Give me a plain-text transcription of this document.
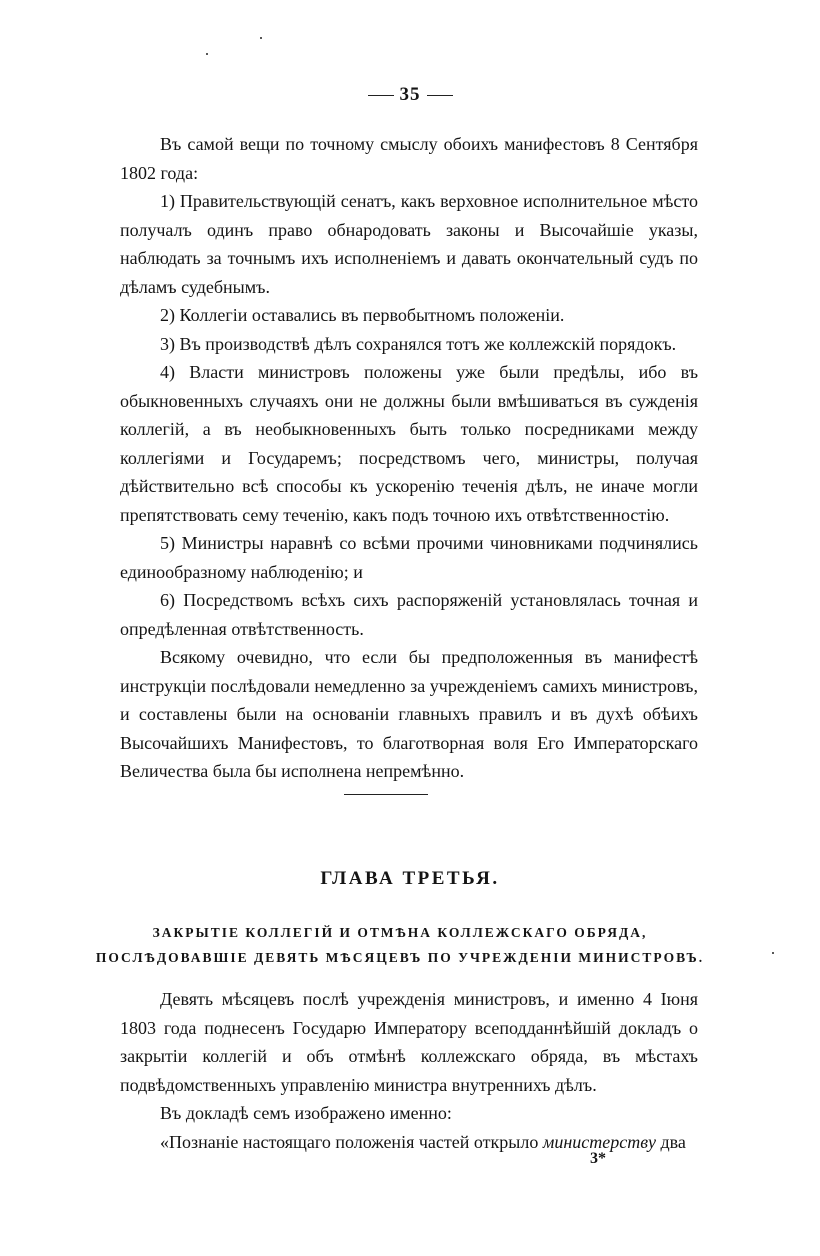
35

Въ самой вещи по точному смыслу обоихъ манифестовъ 8 Сентября 1802 года:

1) Правительствующій сенатъ, какъ верховное исполнительное мѣсто получалъ одинъ право обнародовать законы и Высочайшіе указы, наблюдать за точнымъ ихъ исполненіемъ и давать окончательный судъ по дѣламъ судебнымъ.

2) Коллегіи оставались въ первобытномъ положеніи.

3) Въ производствѣ дѣлъ сохранялся тотъ же коллежскій порядокъ.

4) Власти министровъ положены уже были предѣлы, ибо въ обыкновенныхъ случаяхъ они не должны были вмѣшиваться въ сужденія коллегій, а въ необыкновенныхъ быть только посредниками между коллегіями и Государемъ; посредствомъ чего, министры, получая дѣйствительно всѣ способы къ ускоренію теченія дѣлъ, не иначе могли препятствовать сему теченію, какъ подъ точною ихъ отвѣтственностію.

5) Министры наравнѣ со всѣми прочими чиновниками подчинялись единообразному наблюденію; и

6) Посредствомъ всѣхъ сихъ распоряженій установлялась точная и опредѣленная отвѣтственность.

Всякому очевидно, что если бы предположенныя въ манифестѣ инструкціи послѣдовали немедленно за учрежденіемъ самихъ министровъ, и составлены были на основаніи главныхъ правилъ и въ духѣ обѣихъ Высочайшихъ Манифестовъ, то благотворная воля Его Императорскаго Величества была бы исполнена непремѣнно.

ГЛАВА ТРЕТЬЯ.
ЗАКРЫТІЕ КОЛЛЕГІЙ И ОТМѢНА КОЛЛЕЖСКАГО ОБРЯДА, ПОСЛѢДОВАВШІЕ ДЕВЯТЬ МѢСЯЦЕВЪ ПО УЧРЕЖДЕНІИ МИНИСТРОВЪ.

Девять мѣсяцевъ послѣ учрежденія министровъ, и именно 4 Іюня 1803 года поднесенъ Государю Императору всеподданнѣйшій докладъ о закрытіи коллегій и объ отмѣнѣ коллежскаго обряда, въ мѣстахъ подвѣдомственныхъ управленію министра внутреннихъ дѣлъ.

Въ докладѣ семъ изображено именно:

«Познаніе настоящаго положенія частей открыло министерству два

3*
